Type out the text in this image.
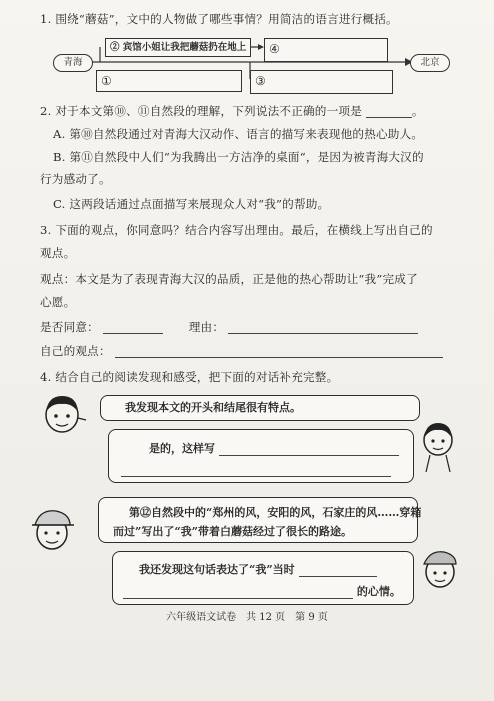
1. 围绕“蘑菇”，文中的人物做了哪些事情？用简洁的语言进行概括。
青海	北京
② 宾馆小姐让我把蘑菇扔在地上	④
①	③
2. 对于本文第⑩、⑪自然段的理解，下列说法不正确的一项是	。
A. 第⑩自然段通过对青海大汉动作、语言的描写来表现他的热心助人。
B. 第⑪自然段中人们“为我腾出一方洁净的桌面“，是因为被青海大汉的
行为感动了。
C. 这两段话通过点面描写来展现众人对“我”的帮助。
3. 下面的观点，你同意吗？结合内容写出理由。最后，在横线上写出自己的
观点。
观点：本文是为了表现青海大汉的品质，正是他的热心帮助让“我”完成了
心愿。
是否同意：	理由：
自己的观点：
4. 结合自己的阅读发现和感受，把下面的对话补充完整。
我发现本文的开头和结尾很有特点。
是的，这样写
第⑫自然段中的“郑州的风，安阳的风，石家庄的风……穿箱
而过”写出了“我”带着白蘑菇经过了很长的路途。
我还发现这句话表达了“我”当时
的心情。
六年级语文试卷　共 12 页　第 9 页
